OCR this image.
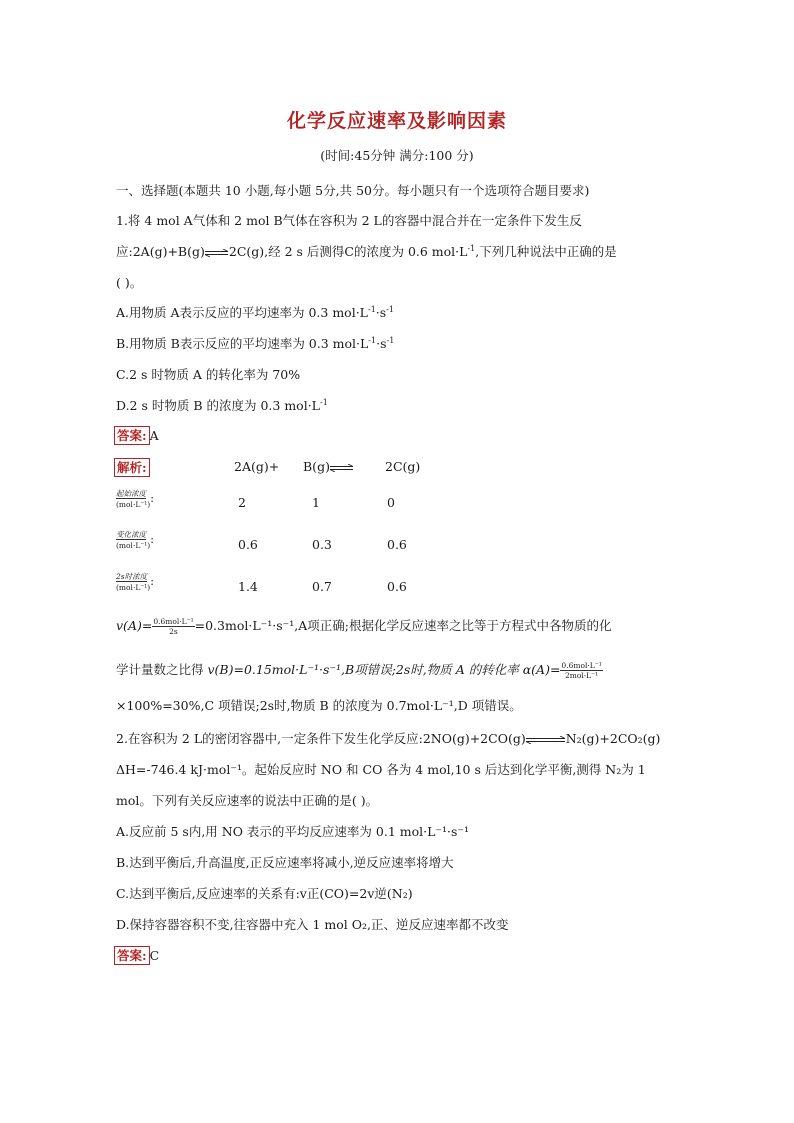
化学反应速率及影响因素
(时间:45分钟 满分:100 分)
一、选择题(本题共 10 小题,每小题 5分,共 50分。每小题只有一个选项符合题目要求)
1.将 4 mol A气体和 2 mol B气体在容积为 2 L的容器中混合并在一定条件下发生反
应:2A(g)+B(g)⇌2C(g),经 2 s 后测得C的浓度为 0.6 $mol\cdot L^{-1}$,下列几种说法中正确的是
( )。
A.用物质 A表示反应的平均速率为 0.3 $mol\cdot L^{-1}\cdot s^{-1}$
B.用物质 B表示反应的平均速率为 0.3 $mol\cdot L^{-1}\cdot s^{-1}$
C.2 s 时物质 A 的转化率为 70%
D.2 s 时物质 B 的浓度为 0.3 $mol\cdot L^{-1}$
答案: A
解析:	2A(g)+ B(g)⇌ 2C(g)
起始浓度
(mol·L⁻¹):	2	1	0
变化浓度
(mol·L⁻¹):	0.6	0.3	0.6
2s时浓度
(mol·L⁻¹):	1.4	0.7	0.6
$v(A)= \frac{\text{0.6mol·L⁻¹}}{2s} =0.3mol\cdot L^{-1}\cdot s^{-1},A$项正确;根据化学反应速率之比等于方程式中各物质的化
学计量数之比得 v(B)=0.15mol·L⁻¹·s⁻¹,B项错误;2s时,物质 A 的转化率 $\alpha(A)= \frac{\text{0.6mol·L⁻¹}}{\text{2mol·L⁻¹}}$
×100%=30%,C 项错误;2s时,物质 B 的浓度为 0.7mol·L⁻¹,D 项错误。
2.在容积为 2 L的密闭容器中,一定条件下发生化学反应:2NO(g)+2CO(g)⇌N₂(g)+2CO₂(g)
ΔH=-746.4 kJ·mol⁻¹。起始反应时 NO 和 CO 各为 4 mol,10 s 后达到化学平衡,测得 N₂为 1
mol。下列有关反应速率的说法中正确的是( )。
A.反应前 5 s内,用 NO 表示的平均反应速率为 0.1 mol·L⁻¹·s⁻¹
B.达到平衡后,升高温度,正反应速率将减小,逆反应速率将增大
C.达到平衡后,反应速率的关系有:v正(CO)=2v逆(N₂)
D.保持容器容积不变,往容器中充入 1 mol O₂,正、逆反应速率都不改变
答案: C
